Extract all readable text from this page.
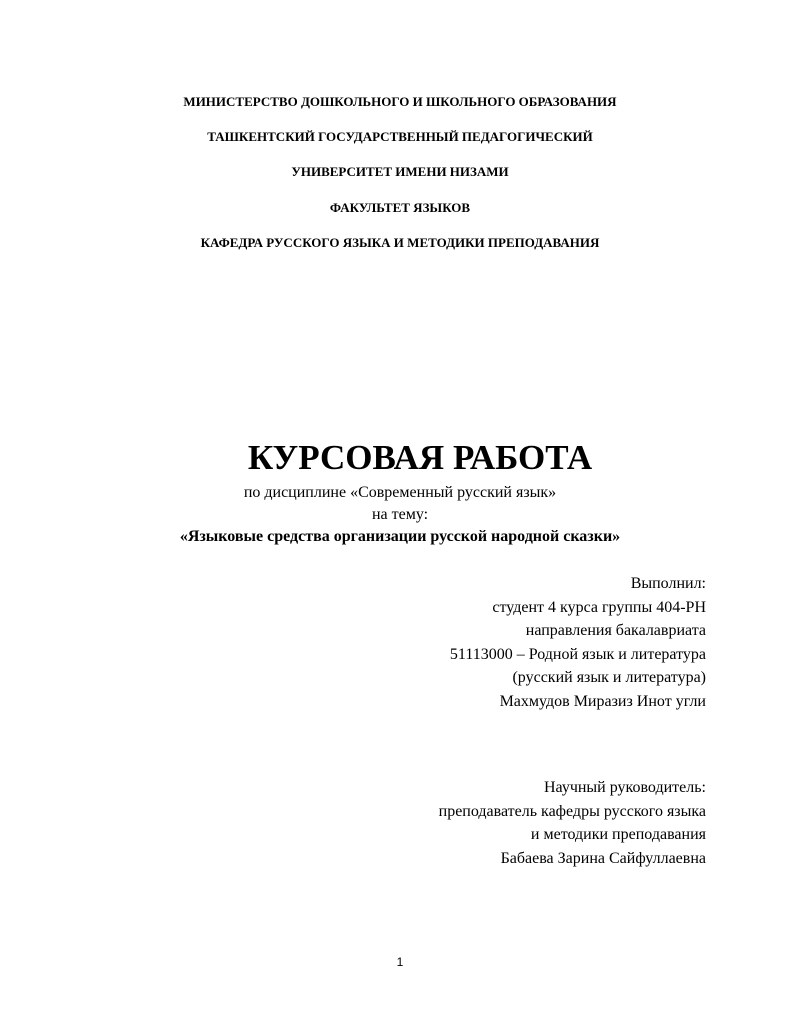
МИНИСТЕРСТВО ДОШКОЛЬНОГО И ШКОЛЬНОГО ОБРАЗОВАНИЯ
ТАШКЕНТСКИЙ ГОСУДАРСТВЕННЫЙ ПЕДАГОГИЧЕСКИЙ
УНИВЕРСИТЕТ ИМЕНИ НИЗАМИ
ФАКУЛЬТЕТ ЯЗЫКОВ
КАФЕДРА РУССКОГО ЯЗЫКА И МЕТОДИКИ ПРЕПОДАВАНИЯ
КУРСОВАЯ РАБОТА
по дисциплине «Современный русский язык»
на тему:
«Языковые средства организации русской народной сказки»
Выполнил:
студент 4 курса группы 404-РН
направления бакалавриата
51113000 – Родной язык и литература
(русский язык и литература)
Махмудов Миразиз Инот угли
Научный руководитель:
преподаватель кафедры русского языка
и методики преподавания
Бабаева Зарина Сайфуллаевна
1
